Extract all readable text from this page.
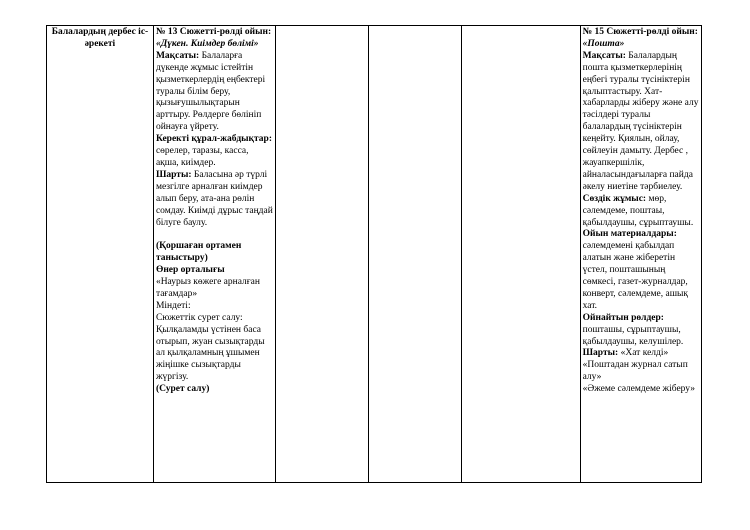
Балалардың дербес іс-әрекеті	№ 13 Сюжетті-рөлді ойын: «Дүкен. Киімдер бөлімі»
Мақсаты: Балаларға дүкенде жұмыс істейтін қызметкерлердің еңбектері туралы білім беру, қызығушылықтарын арттыру. Рөлдерге бөлініп ойнауға үйрету.
Керекті құрал-жабдықтар: сөрелер, таразы, касса, ақша, киімдер.
Шарты: Баласына әр түрлі мезгілге арналған киімдер алып беру, ата-ана рөлін сомдау. Киімді дұрыс таңдай білуге баулу.
(Қоршаған ортамен таныстыру)
Өнер орталығы
«Наурыз көжеге арналған тағамдар»
Міндеті:
Сюжеттік сурет салу: Қылқаламды үстінен баса отырып, жуан сызықтарды ал қылқаламның ұшымен жіңішке сызықтарды жүргізу.
(Сурет салу)
				№ 15 Сюжетті-рөлді ойын: «Пошта»
Мақсаты: Балалардың пошта қызметкерлерінің еңбегі туралы түсініктерін қалыптастыру. Хат-хабарларды жіберу және алу тәсілдері туралы балалардың түсініктерін кеңейту. Қиялын, ойлау, сөйлеуін дамыту. Дербес , жауапкершілік, айналасындағыларға пайда әкелу ниетіне тәрбиелеу.
Сөздік жұмыс: мөр, сәлемдеме, поштаы, қабылдаушы, сұрыптаушы.
Ойын материалдары: сәлемдемені қабылдап алатын және жіберетін үстел, пошташының сөмкесі, газет-журналдар, конверт, сәлемдеме, ашық хат.
Ойнайтын рөлдер: пошташы, сұрыптаушы, қабылдаушы, келушілер.
Шарты: «Хат келді»
«Поштадан журнал сатып алу»
«Әжеме сәлемдеме жіберу»
